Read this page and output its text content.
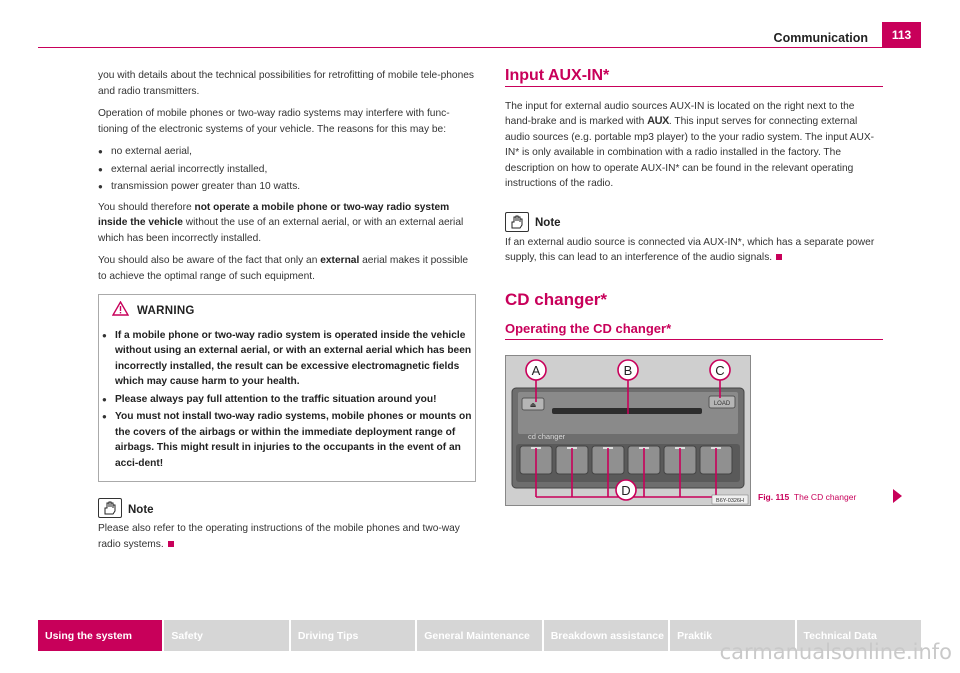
Communication	113

you with details about the technical possibilities for retrofitting of mobile tele-phones and radio transmitters.

Operation of mobile phones or two-way radio systems may interfere with func-tioning of the electronic systems of your vehicle. The reasons for this may be:

● no external aerial,
● external aerial incorrectly installed,
● transmission power greater than 10 watts.

You should therefore not operate a mobile phone or two-way radio system inside the vehicle without the use of an external aerial, or with an external aerial which has been incorrectly installed.

You should also be aware of the fact that only an external aerial makes it possible to achieve the optimal range of such equipment.

WARNING
● If a mobile phone or two-way radio system is operated inside the vehicle without using an external aerial, or with an external aerial which has been incorrectly installed, the result can be excessive electromagnetic fields which may cause harm to your health.
● Please always pay full attention to the traffic situation around you!
● You must not install two-way radio systems, mobile phones or mounts on the covers of the airbags or within the immediate deployment range of airbags. This might result in injuries to the occupants in the event of an acci-dent!
Note

Please also refer to the operating instructions of the mobile phones and two-way radio systems.

Input AUX-IN*

The input for external audio sources AUX-IN is located on the right next to the hand-brake and is marked with AUX. This input serves for connecting external audio sources (e.g. portable mp3 player) to the your radio system. The input AUX-IN* is only available in combination with a radio installed in the factory. The description on how to operate AUX-IN* can be found in the relevant operating instructions of the radio.

Note

If an external audio source is connected via AUX-IN*, which has a separate power supply, this can lead to an interference of the audio signals.

CD changer*
Operating the CD changer*
⏏	LOAD
cd changer
A	B	C
D
B6Y-0326H Fig. 115 The CD changer
Using the system	Safety	Driving Tips	General Maintenance	Breakdown assistance	Praktik	Technical Data
carmanualsonline.info
